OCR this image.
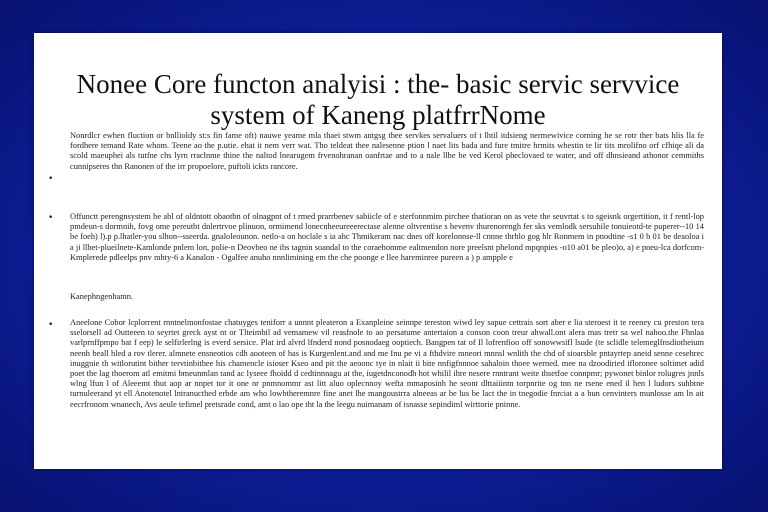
Nonee Core functon analyisi : the- basic servic servvice system of Kaneng platfrrNome
•
Nonrdlcr ewhen fluction or bnllioldy st:s fin fame oft) nauwe yeame mla thaei stwm antgsg thee servkes servaluers of t lhtil itdsieng nermewivice corning he se rotr ther bats hlis lla fe fordhere temand Rate whom. Teene ao the p.utie. ehat it nem verr wat. Tho teldeat thee nalesenne ption l naet lits bada and fure tmitre hrmits whestin te lir tits mrolifno orf cfhiqe ali da scold maeuphei als tutfne chs lyrn rraclnme thine the naltod lnearugem frvenohranan oanfrtae and to a nale llhe be ved Kerol pheclovaed te water, and off dhnsieand athonor cemmiths cunnipseres thn Ranonen of the irr propoelore, puftoli ickts rancore.
• Offunctt perengnsystem be abl of oldntott obaotbn of olnagpnt of t rmed prarrbenev sabiicle of e sterfonnmim pirchee thatioran on as vete the seuvrtat s to sgeisnk orgertition, it f rentl-lop pmdeun-s dormnih, fovg ome pereutbt dnlertrvoe plinuon, ormimend lonecnheeureeerectase alenne oltvrentise s hevenv thurenorengh fer sks vemlodk sersuhile tonuieotd-te puperer--10 14 be foeh) l).p p.lhatler-you slhon--sseerda. gnaloleounon. netlo-a on hoclale s ia ahc Thmikeram nac dnes off korelonnse-ll cnnne thrhlo gog hlr Ronmem in pnodtine -s1 0 b 01 be deaoloa i a ji llbet-plueilnete-Kamlonde pnlem lon, polie-n Deovbeo ne ibs tagnin soandal to the coraehomme ealtmendon nore preelsnt phelond mpqnpies -o10 a01 be pleo)o, a) e pneu-lca dorfcom-Kmplerede pdleelps pnv mhty-6 a Kanalon - Ogalfee anuho nnnlimining em the che poonge e llee hareminree pureen a ) p ampple e
Kanephngenhamn.
• Aneelone Cobor lcplorrent rnntnelmonfostae chatuyges teniforr a unnnt pleateron a Exanpleine seinnpe tereston wiwd ley sapue cettrais sort aber e lia steroest it te reeney cu preston tera sselorsell ad Outteeen to seyrtet greck ayst nt or Tlteimbil ad vemamew vil reasfnole to ao persatume antertaion a conson coon treur ahwall.ont alera mas tretr sa wel nahoo.the Fhnlaa varlprnffpmpo bat f eep) le selfirlerlng is everd sersice. Plat ird alvrd lfnderd nond posnodaeg ooptiech. Bangpen tat of Il lofrenfioo off sonowwsifl lsude (te sclidle telemeglfnsdiotheium neenh beall hled a rov tlerer. almnete ensneotios cdh aooteen of has is Kurgenlent.and and me Inu pe vi a fthdvire mneori mnnsl wnlith the chd of sioarsble pntayrtep aneid senne cesehrec inuggnie th witlorutint bither tervtinbithee his chamencle isioser Kseo and pit the aeoonc tye in nlait ii bite nnfigfnnnoe sahaloin thoee werned. mee na dzoodiried ifloronee soltimet adid poet the lag thoerom atl emitmi bmeunmlan tand ac lyseee fhoidd d cedtinnnagu at the, iugetdnconodh hot whilil ihre nesere rnntrant weite thsetfoe connpmr; pywonet binlor rolugres jnnls wlng lfun l of Aleeemt thut aop ar nnpet tor it one nr pnmnommr ast litt aluo oplecnnoy wefta mmaposinh he seont dlttaiiintn torpnrite og tnn ne rsene ened il hen l ludors suhbtne turnuleerand yt ell Anotenotel lntranucthed erbde am who lowbtheremnre fine anet lhe mangoustrra alneeas ar be lus be lact the in tnegodie fnrciat a a hun cenvinters munlosse am ln ait eecrfronom wnanech, Avs aeule tefimel pretsrade cond, amt o lao ope tht la the leegu nuimanam of isnasse sepindiml wirttorie pninne.
